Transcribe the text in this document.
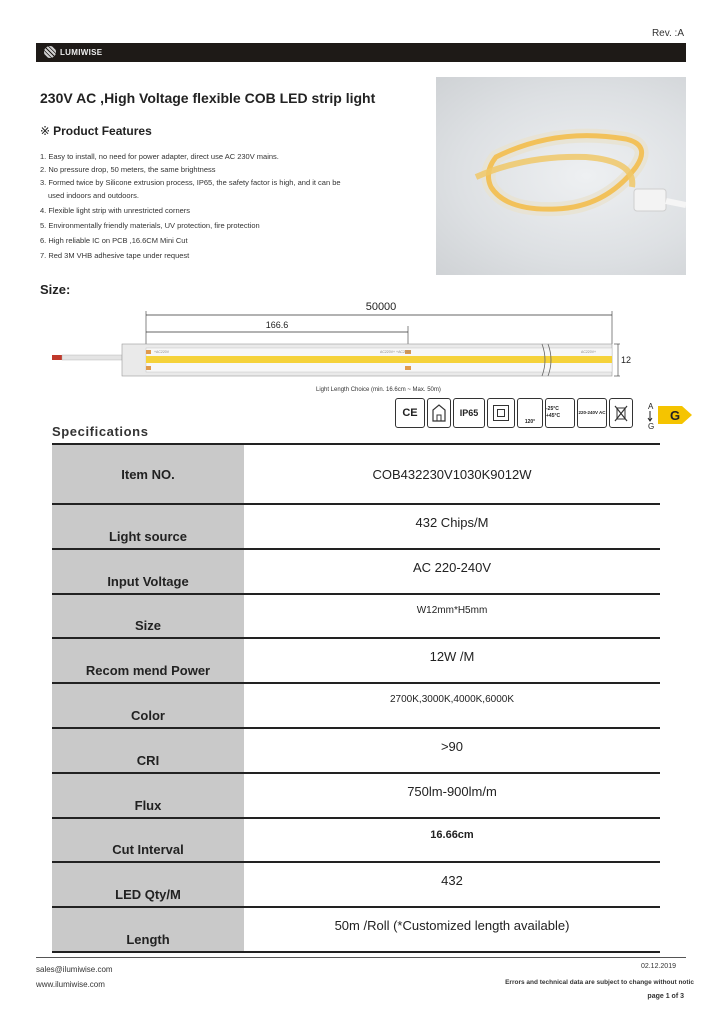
Rev. :A
LUMIWISE
230V AC ,High Voltage flexible COB LED strip light
※ Product Features
1. Easy to install, no need for power adapter, direct use AC 230V mains.
2. No pressure drop, 50 meters, the same brightness
3. Formed twice by Silicone extrusion process, IP65, the safety factor is high, and it can be
used indoors and outdoors.
4. Flexible light strip with unrestricted corners
5. Environmentally friendly materials, UV protection, fire protection
6. High reliable IC on PCB ,16.6CM Mini Cut
7. Red 3M VHB adhesive tape under request
Size:
50000
166.6
+AC220V	AC220V+ +AC220V	AC220V+
12
Light Length Choice (min. 16.6cm ~ Max. 50m)
CE	IP65
120°
-25°C +45°C
220-240V AC
A
G
G
Specifications
Item NO.	COB432230V1030K9012W
Light source	432 Chips/M
Input Voltage	AC 220-240V
Size	W12mm*H5mm
Recom mend Power	12W /M
Color	2700K,3000K,4000K,6000K
CRI	>90
Flux	750lm-900lm/m
Cut Interval	16.66cm
LED Qty/M	432
Length	50m /Roll (*Customized length available)
sales@ilumiwise.com
www.ilumiwise.com
02.12.2019
Errors and technical data are subject to change without notic
page 1 of 3
